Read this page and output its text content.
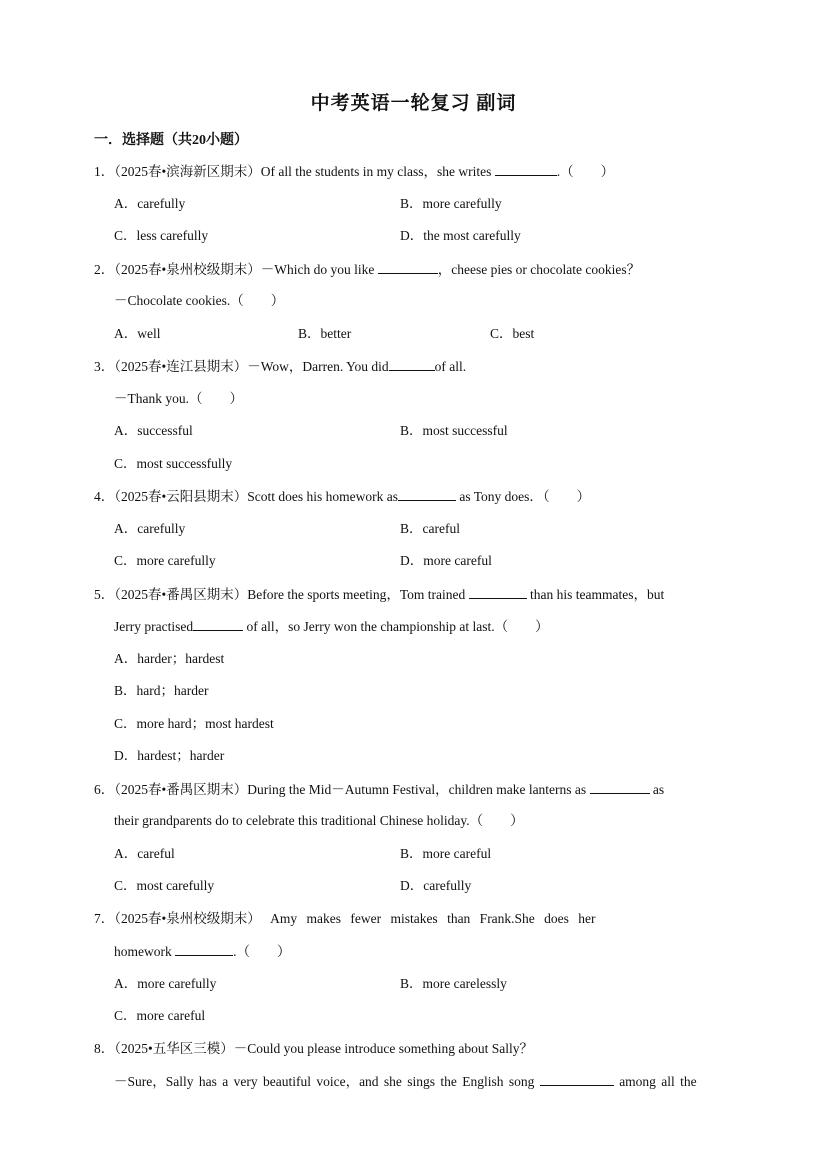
中考英语一轮复习 副词
一．选择题（共20小题）
1．（2025春•滨海新区期末）Of all the students in my class，she writes	.（　　）
A．carefully	B．more carefully
C．less carefully	D．the most carefully
2．（2025春•泉州校级期末）－Which do you like	，cheese pies or chocolate cookies？
－Chocolate cookies.（　　）
A．well	B．better	C．best
3．（2025春•连江县期末）－Wow，Darren. You did	of all.
－Thank you.（　　）
A．successful	B．most successful
C．most successfully
4．（2025春•云阳县期末）Scott does his homework as	as Tony does．（　　）
A．carefully	B．careful
C．more carefully	D．more careful
5．（2025春•番禺区期末）Before the sports meeting，Tom trained	than his teammates，but
Jerry practised	of all，so Jerry won the championship at last.（　　）
A．harder；hardest
B．hard；harder
C．more hard；most hardest
D．hardest；harder
6．（2025春•番禺区期末）During the Mid－Autumn Festival，children make lanterns as	as
their grandparents do to celebrate this traditional Chinese holiday.（　　）
A．careful	B．more careful
C．most carefully	D．carefully
7．（2025春•泉州校级期末） Amy makes fewer mistakes than Frank.She does her
homework	.（　　）
A．more carefully	B．more carelessly
C．more careful
8．（2025•五华区三模）－Could you please introduce something about Sally？
－Sure，Sally has a very beautiful voice，and she sings the English song	among all the
